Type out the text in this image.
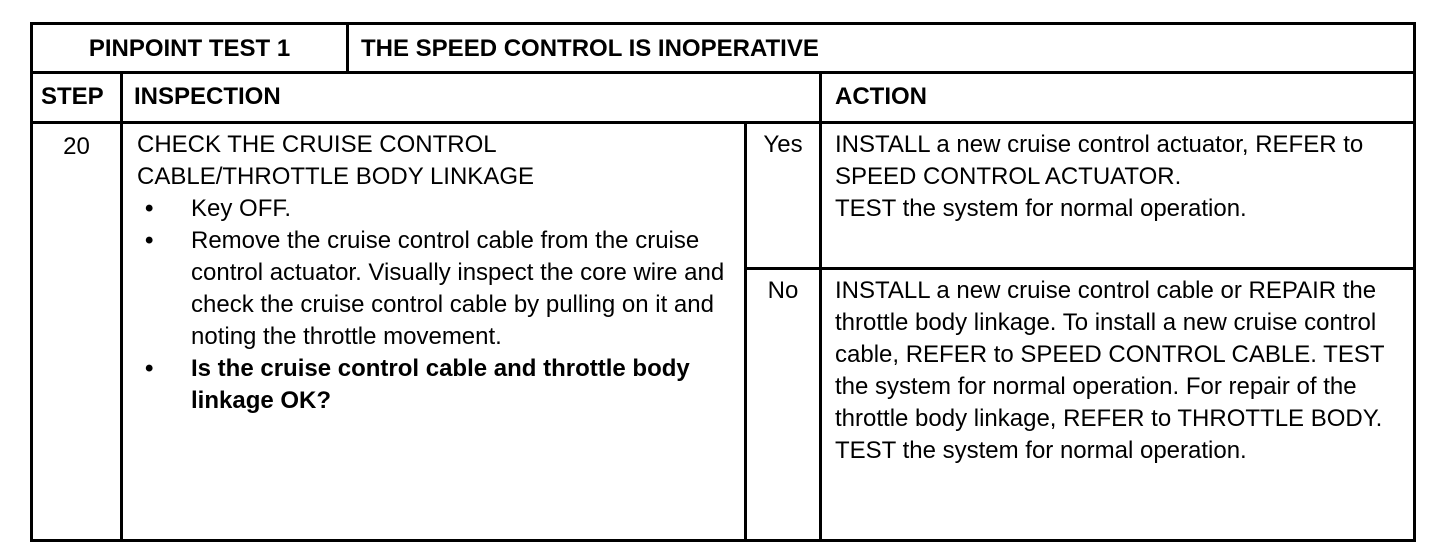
PINPOINT TEST 1	THE SPEED CONTROL IS INOPERATIVE
STEP INSPECTION	ACTION
20	CHECK THE CRUISE CONTROL
CABLE/THROTTLE BODY LINKAGE
•	Key OFF.
•	Remove the cruise control cable from the cruise control actuator. Visually inspect the core wire and check the cruise control cable by pulling on it and noting the throttle movement.
•	Is the cruise control cable and throttle body linkage OK?
Yes	INSTALL a new cruise control actuator, REFER to SPEED CONTROL ACTUATOR.
TEST the system for normal operation.
No	INSTALL a new cruise control cable or REPAIR the throttle body linkage. To install a new cruise control cable, REFER to SPEED CONTROL CABLE. TEST the system for normal operation. For repair of the throttle body linkage, REFER to THROTTLE BODY.
TEST the system for normal operation.
